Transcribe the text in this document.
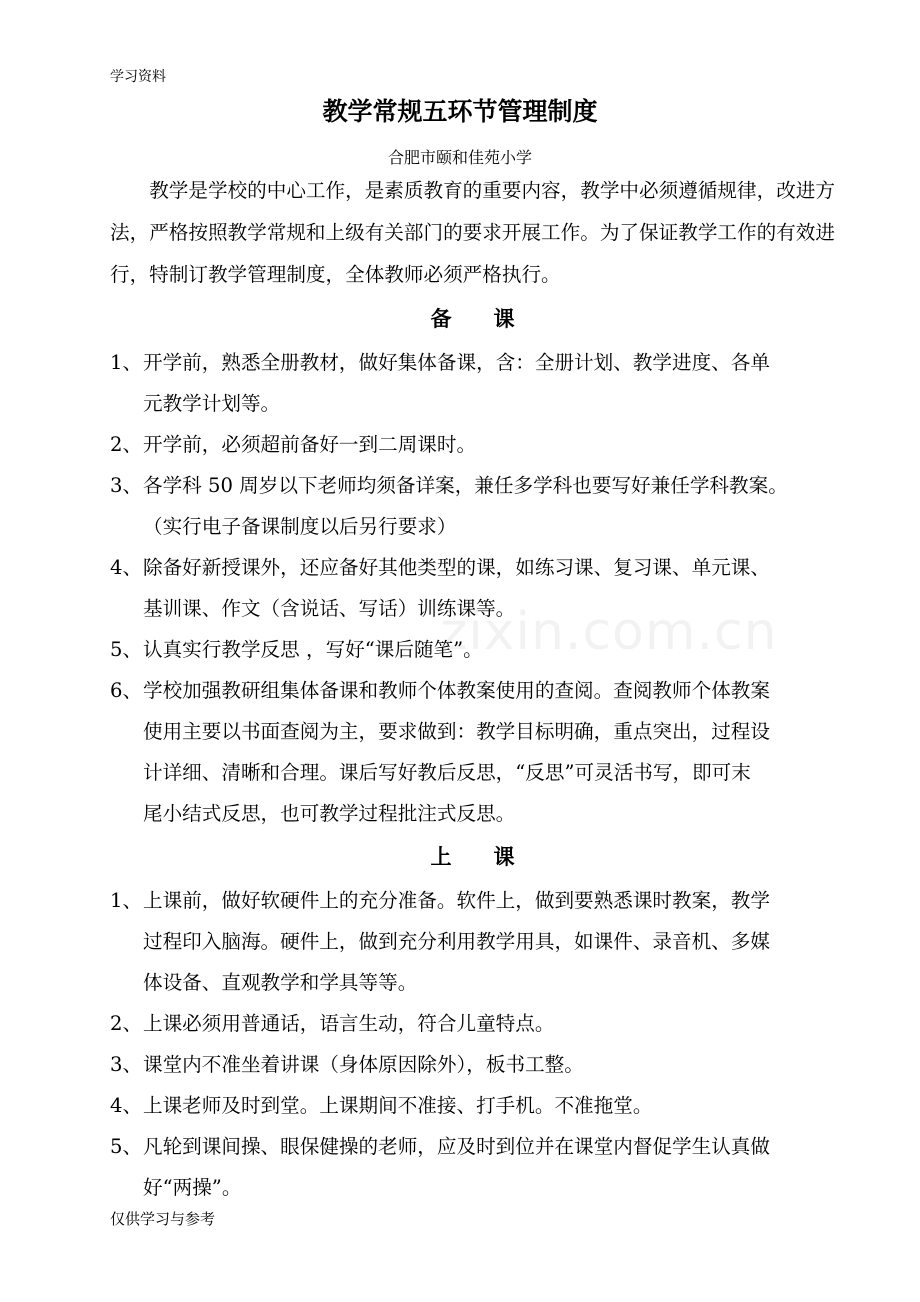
学习资料
教学常规五环节管理制度
合肥市颐和佳苑小学
zixin.com.cn

教学是学校的中心工作，是素质教育的重要内容，教学中必须遵循规律，改进方法，严格按照教学常规和上级有关部门的要求开展工作。为了保证教学工作的有效进行，特制订教学管理制度，全体教师必须严格执行。

备　　课
1、开学前，熟悉全册教材，做好集体备课，含：全册计划、教学进度、各单
元教学计划等。
2、开学前，必须超前备好一到二周课时。
3、各学科 50 周岁以下老师均须备详案，兼任多学科也要写好兼任学科教案。
（实行电子备课制度以后另行要求）
4、除备好新授课外，还应备好其他类型的课，如练习课、复习课、单元课、
基训课、作文（含说话、写话）训练课等。
5、认真实行教学反思 ，写好“课后随笔”。
6、学校加强教研组集体备课和教师个体教案使用的查阅。查阅教师个体教案
使用主要以书面查阅为主，要求做到：教学目标明确，重点突出，过程设
计详细、清晰和合理。课后写好教后反思，“反思”可灵活书写，即可末
尾小结式反思，也可教学过程批注式反思。
上　　课
1、上课前，做好软硬件上的充分准备。软件上，做到要熟悉课时教案，教学
过程印入脑海。硬件上，做到充分利用教学用具，如课件、录音机、多媒
体设备、直观教学和学具等等。
2、上课必须用普通话，语言生动，符合儿童特点。
3、课堂内不准坐着讲课（身体原因除外），板书工整。
4、上课老师及时到堂。上课期间不准接、打手机。不准拖堂。
5、凡轮到课间操、眼保健操的老师，应及时到位并在课堂内督促学生认真做
好“两操”。
仅供学习与参考
